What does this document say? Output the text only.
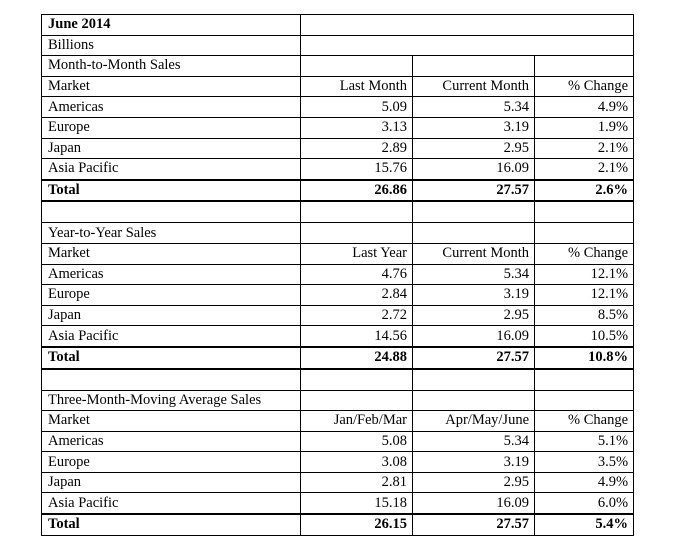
June 2014			
Billions			
Month-to-Month Sales			
Market	Last Month	Current Month	% Change
Americas	5.09	5.34	4.9%
Europe	3.13	3.19	1.9%
Japan	2.89	2.95	2.1%
Asia Pacific	15.76	16.09	2.1%
Total	26.86	27.57	2.6%

Year-to-Year Sales			
Market	Last Year	Current Month	% Change
Americas	4.76	5.34	12.1%
Europe	2.84	3.19	12.1%
Japan	2.72	2.95	8.5%
Asia Pacific	14.56	16.09	10.5%
Total	24.88	27.57	10.8%

Three-Month-Moving Average Sales			
Market	Jan/Feb/Mar	Apr/May/June	% Change
Americas	5.08	5.34	5.1%
Europe	3.08	3.19	3.5%
Japan	2.81	2.95	4.9%
Asia Pacific	15.18	16.09	6.0%
Total	26.15	27.57	5.4%
